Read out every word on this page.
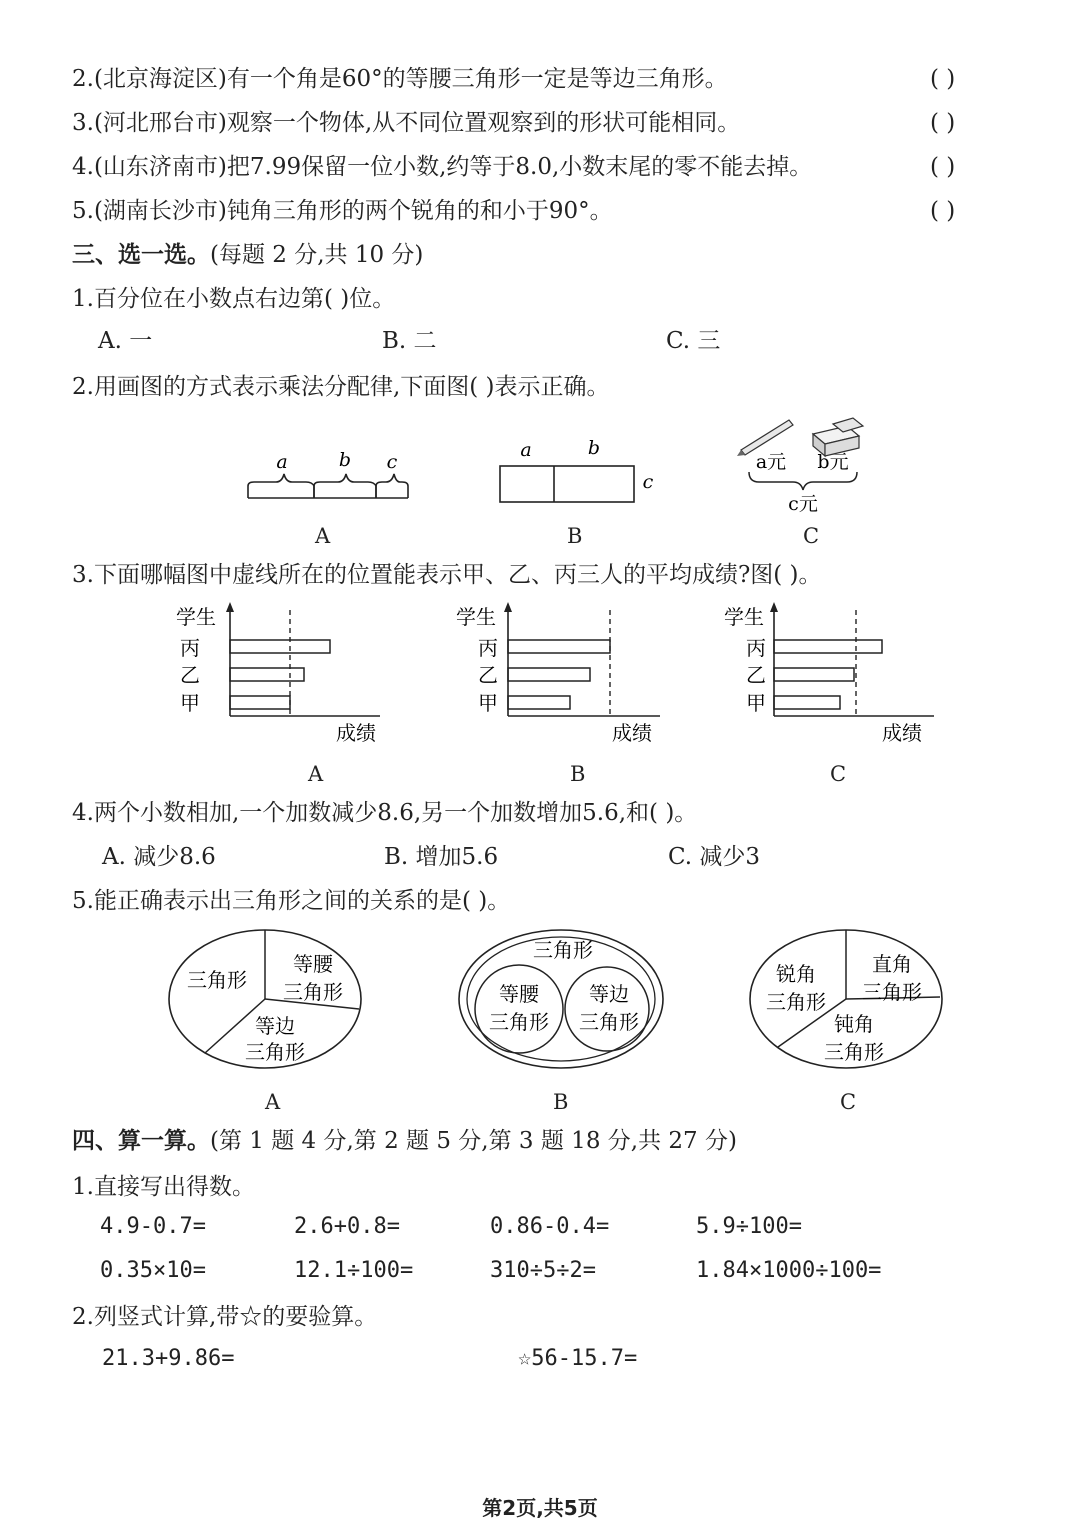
2.(北京海淀区)有一个角是60°的等腰三角形一定是等边三角形。	( )
3.(河北邢台市)观察一个物体,从不同位置观察到的形状可能相同。	( )
4.(山东济南市)把7.99保留一位小数,约等于8.0,小数末尾的零不能去掉。	( )
5.(湖南长沙市)钝角三角形的两个锐角的和小于90°。	( )
三、选一选。(每题 2 分,共 10 分)
1.百分位在小数点右边第( )位。
A. 一	B. 二	C. 三
2.用画图的方式表示乘法分配律,下面图( )表示正确。
a	b c
A
a	b
c
B
a元 b元
c元
C
3.下面哪幅图中虚线所在的位置能表示甲、乙、丙三人的平均成绩?图( )。
学生
丙
乙
甲
成绩
A
学生
丙
乙
甲
成绩
B
学生
丙
乙
甲
成绩
C
4.两个小数相加,一个加数减少8.6,另一个加数增加5.6,和( )。
A. 减少8.6	B. 增加5.6	C. 减少3
5.能正确表示出三角形之间的关系的是( )。
三角形
等腰
三角形
等边
三角形
A
三角形
等腰
三角形
等边
三角形
B
锐角
三角形
直角
三角形
钝角
三角形
C
四、算一算。(第 1 题 4 分,第 2 题 5 分,第 3 题 18 分,共 27 分)
1.直接写出得数。
4.9-0.7=	2.6+0.8=	0.86-0.4=	5.9÷100=
0.35×10=	12.1÷100=	310÷5÷2=	1.84×1000÷100=
2.列竖式计算,带☆的要验算。
21.3+9.86=	☆56-15.7=
第2页,共5页
